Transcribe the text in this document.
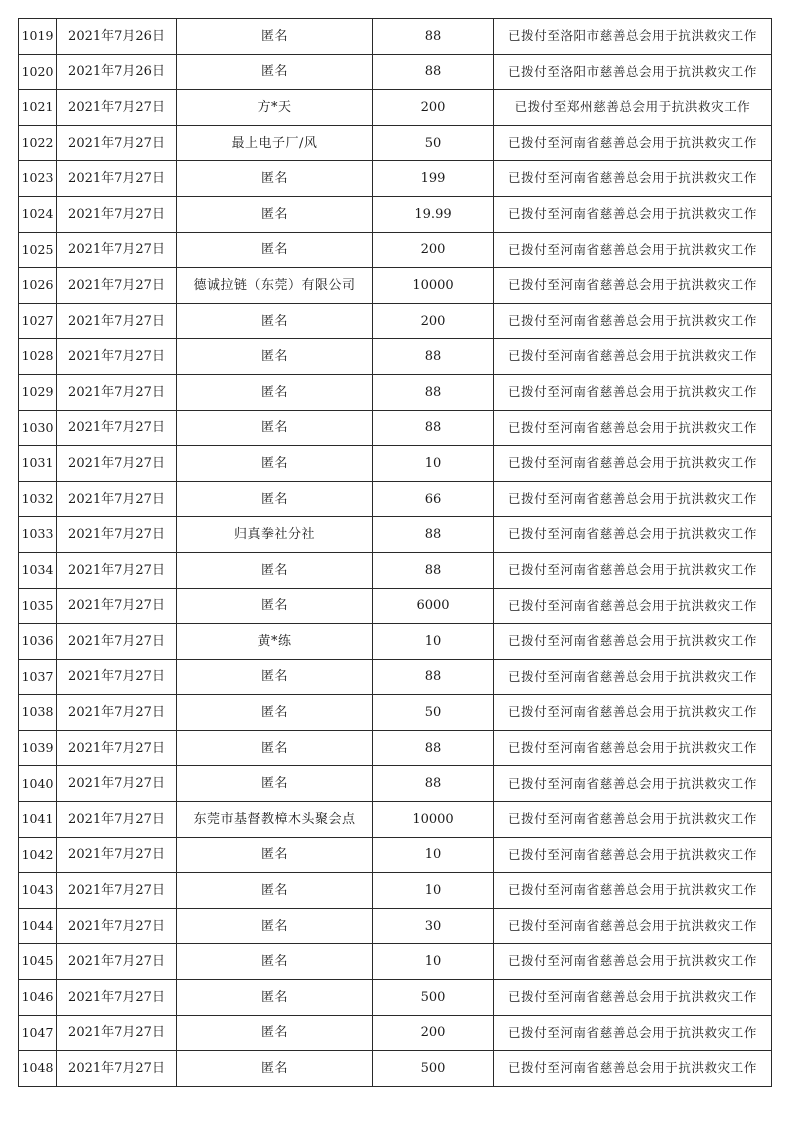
1019	2021年7月26日	匿名	88	已拨付至洛阳市慈善总会用于抗洪救灾工作
1020	2021年7月26日	匿名	88	已拨付至洛阳市慈善总会用于抗洪救灾工作
1021	2021年7月27日	方*天	200	已拨付至郑州慈善总会用于抗洪救灾工作
1022	2021年7月27日	最上电子厂/风	50	已拨付至河南省慈善总会用于抗洪救灾工作
1023	2021年7月27日	匿名	199	已拨付至河南省慈善总会用于抗洪救灾工作
1024	2021年7月27日	匿名	19.99	已拨付至河南省慈善总会用于抗洪救灾工作
1025	2021年7月27日	匿名	200	已拨付至河南省慈善总会用于抗洪救灾工作
1026	2021年7月27日	德诚拉链（东莞）有限公司	10000	已拨付至河南省慈善总会用于抗洪救灾工作
1027	2021年7月27日	匿名	200	已拨付至河南省慈善总会用于抗洪救灾工作
1028	2021年7月27日	匿名	88	已拨付至河南省慈善总会用于抗洪救灾工作
1029	2021年7月27日	匿名	88	已拨付至河南省慈善总会用于抗洪救灾工作
1030	2021年7月27日	匿名	88	已拨付至河南省慈善总会用于抗洪救灾工作
1031	2021年7月27日	匿名	10	已拨付至河南省慈善总会用于抗洪救灾工作
1032	2021年7月27日	匿名	66	已拨付至河南省慈善总会用于抗洪救灾工作
1033	2021年7月27日	归真拳社分社	88	已拨付至河南省慈善总会用于抗洪救灾工作
1034	2021年7月27日	匿名	88	已拨付至河南省慈善总会用于抗洪救灾工作
1035	2021年7月27日	匿名	6000	已拨付至河南省慈善总会用于抗洪救灾工作
1036	2021年7月27日	黄*练	10	已拨付至河南省慈善总会用于抗洪救灾工作
1037	2021年7月27日	匿名	88	已拨付至河南省慈善总会用于抗洪救灾工作
1038	2021年7月27日	匿名	50	已拨付至河南省慈善总会用于抗洪救灾工作
1039	2021年7月27日	匿名	88	已拨付至河南省慈善总会用于抗洪救灾工作
1040	2021年7月27日	匿名	88	已拨付至河南省慈善总会用于抗洪救灾工作
1041	2021年7月27日	东莞市基督教樟木头聚会点	10000	已拨付至河南省慈善总会用于抗洪救灾工作
1042	2021年7月27日	匿名	10	已拨付至河南省慈善总会用于抗洪救灾工作
1043	2021年7月27日	匿名	10	已拨付至河南省慈善总会用于抗洪救灾工作
1044	2021年7月27日	匿名	30	已拨付至河南省慈善总会用于抗洪救灾工作
1045	2021年7月27日	匿名	10	已拨付至河南省慈善总会用于抗洪救灾工作
1046	2021年7月27日	匿名	500	已拨付至河南省慈善总会用于抗洪救灾工作
1047	2021年7月27日	匿名	200	已拨付至河南省慈善总会用于抗洪救灾工作
1048	2021年7月27日	匿名	500	已拨付至河南省慈善总会用于抗洪救灾工作
